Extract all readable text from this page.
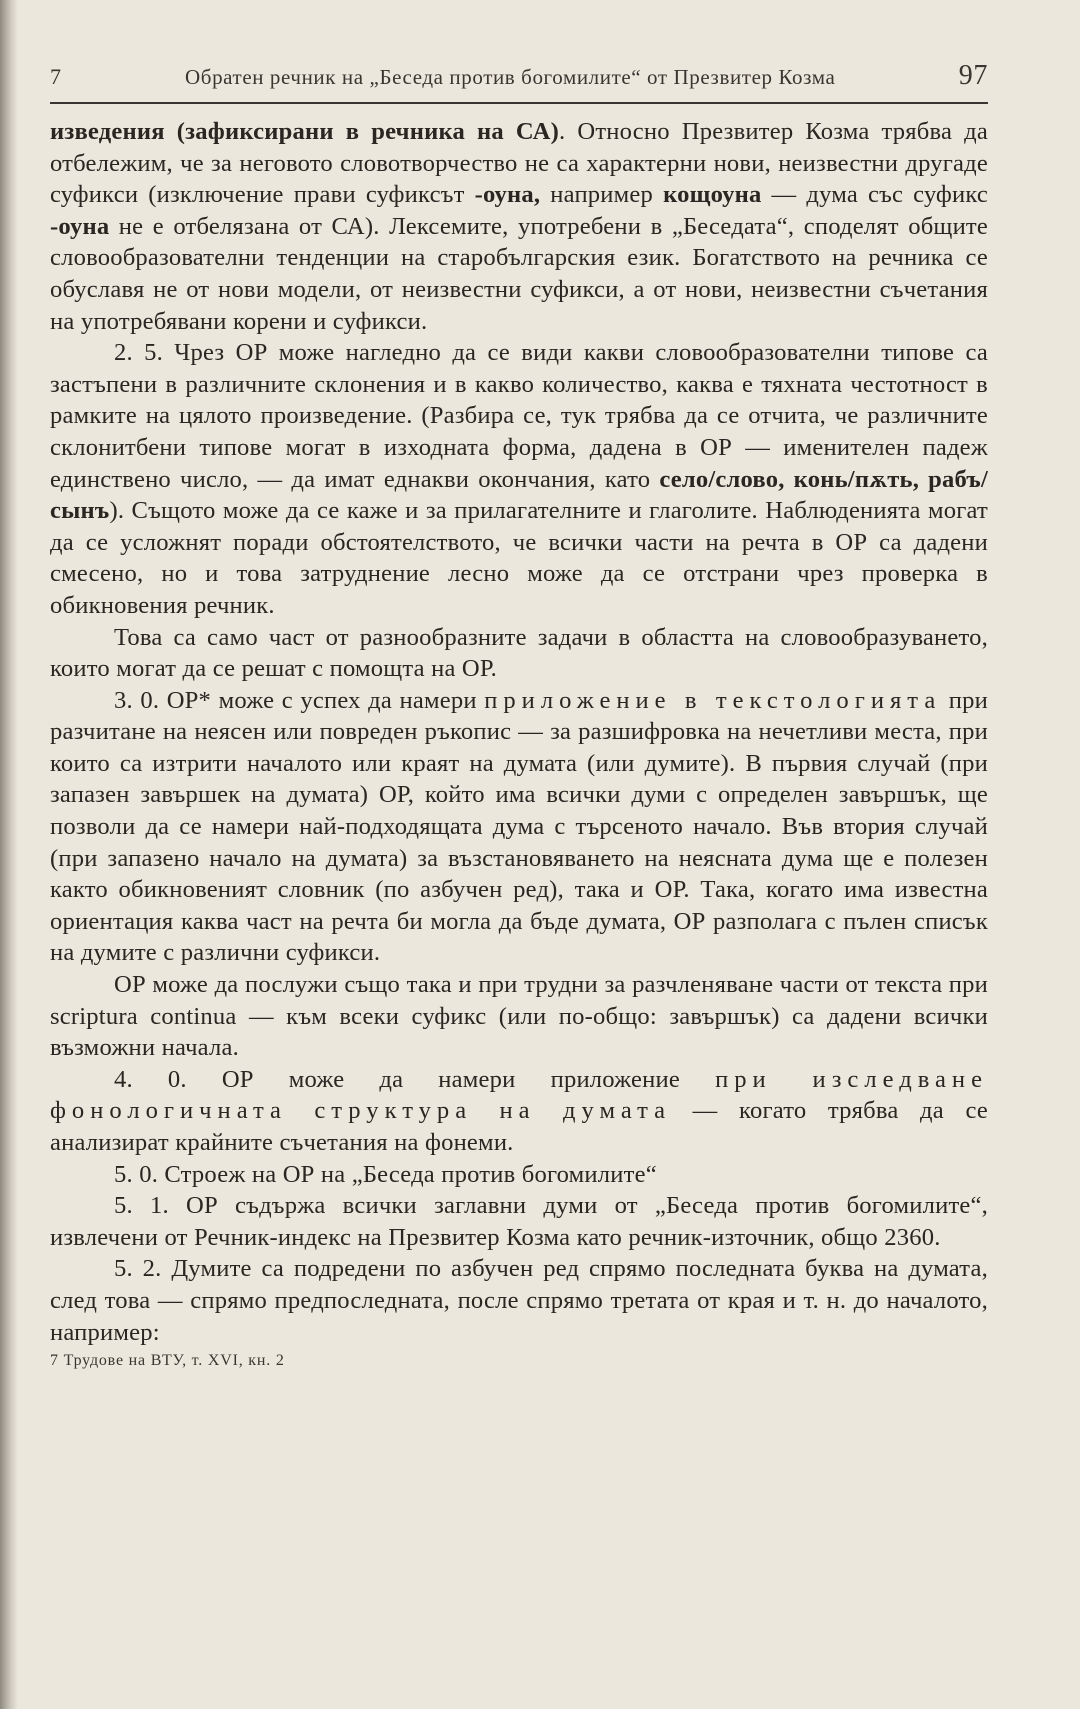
7	Обратен речник на „Беседа против богомилите“ от Презвитер Козма	97

изведения (зафиксирани в речника на СА). Относно Презвитер Козма трябва да отбележим, че за неговото словотворчество не са характерни нови, неизвестни другаде суфикси (изключение прави суфиксът -оуна, например кощоуна — дума със суфикс -оуна не е отбелязана от СА). Лексемите, употребени в „Беседата“, споделят общите словообразователни тенденции на старобългарския език. Богатството на речника се обуславя не от нови модели, от неизвестни суфикси, а от нови, неизвестни съчетания на употребявани корени и суфикси.

2. 5. Чрез ОР може нагледно да се види какви словообразователни типове са застъпени в различните склонения и в какво количество, каква е тяхната честотност в рамките на цялото произведение. (Разбира се, тук трябва да се отчита, че различните склонитбени типове могат в изходната форма, дадена в ОР — именителен падеж единствено число, — да имат еднакви окончания, като село/слово, конь/пѫть, рабъ/сынъ). Същото може да се каже и за прилагателните и глаголите. Наблюденията могат да се усложнят поради обстоятелството, че всички части на речта в ОР са дадени смесено, но и това затруднение лесно може да се отстрани чрез проверка в обикновения речник.

Това са само част от разнообразните задачи в областта на словообразуването, които могат да се решат с помощта на ОР.

3. 0. ОР* може с успех да намери приложение в текстологията при разчитане на неясен или повреден ръкопис — за разшифровка на нечетливи места, при които са изтрити началото или краят на думата (или думите). В първия случай (при запазен завършек на думата) ОР, който има всички думи с определен завършък, ще позволи да се намери най-подходящата дума с търсеното начало. Във втория случай (при запазено начало на думата) за възстановяването на неясната дума ще е полезен както обикновеният словник (по азбучен ред), така и ОР. Така, когато има известна ориентация каква част на речта би могла да бъде думата, ОР разполага с пълен списък на думите с различни суфикси.

ОР може да послужи също така и при трудни за разчленяване части от текста при scriptura continua — към всеки суфикс (или по-общо: завършък) са дадени всички възможни начала.

4. 0. ОР може да намери приложение при изследване фонологичната структура на думата — когато трябва да се анализират крайните съчетания на фонеми.

5. 0. Строеж на ОР на „Беседа против богомилите“

5. 1. ОР съдържа всички заглавни думи от „Беседа против богомилите“, извлечени от Речник-индекс на Презвитер Козма като речник-източник, общо 2360.

5. 2. Думите са подредени по азбучен ред спрямо последната буква на думата, след това — спрямо предпоследната, после спрямо третата от края и т. н. до началото, например:

7 Трудове на ВТУ, т. XVI, кн. 2
